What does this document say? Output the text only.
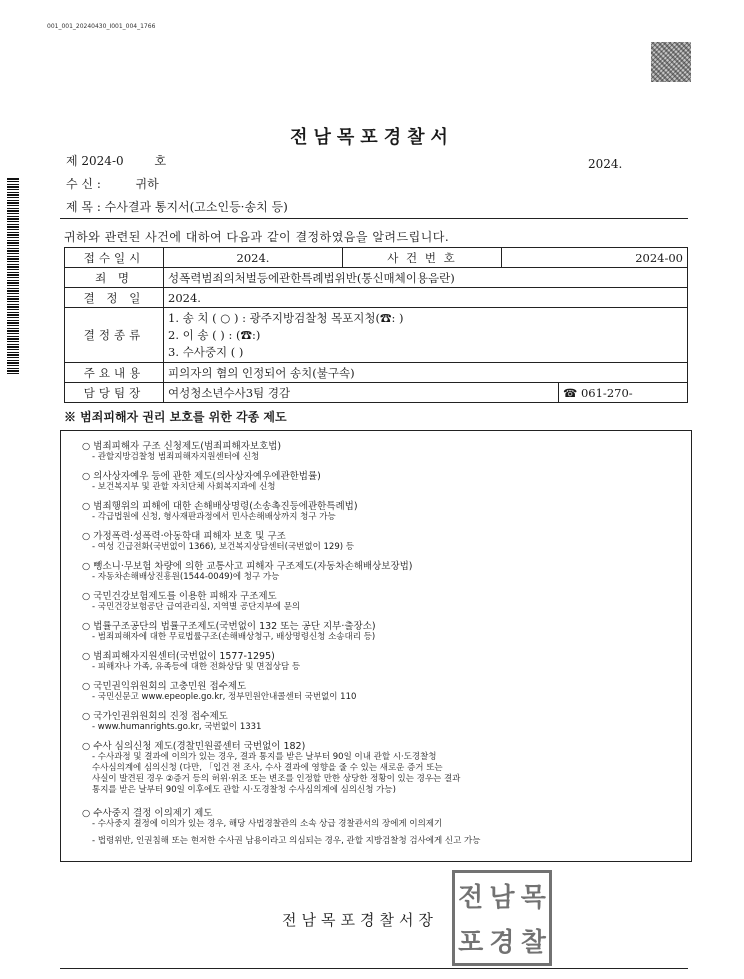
001_001_20240430_I001_004_1766
전남목포경찰서
제 2024-0ᅠ ᅠ 호	2024.
수 신 : ᅠ ᅠ 귀하
제 목 : 수사결과 통지서(고소인등·송치 등)
귀하와 관련된 사건에 대하여 다음과 같이 결정하였음을 알려드립니다.
접수일시	2024.	사 건 번 호	2024-00	
죄 명	성폭력범죄의처벌등에관한특례법위반(통신매체이용음란)			
결 정 일	2024.			
결정종류	1. 송 치 ( ○ ) : 광주지방검찰청 목포지청(☎: )
2. 이 송 ( ) : (☎:)
3. 수사중지 ( )			

주요내용	피의자의 혐의 인정되어 송치(불구속)			
담당팀장	여성청소년수사3팀 경감			☎ 061-270-
※ 범죄피해자 권리 보호를 위한 각종 제도
○ 범죄피해자 구조 신청제도(범죄피해자보호법)
- 관할지방검찰청 범죄피해자지원센터에 신청
○ 의사상자예우 등에 관한 제도(의사상자예우에관한법률)
- 보건복지부 및 관할 자치단체 사회복지과에 신청
○ 범죄행위의 피해에 대한 손해배상명령(소송촉진등에관한특례법)
- 각급법원에 신청, 형사재판과정에서 민사손해배상까지 청구 가능
○ 가정폭력·성폭력·아동학대 피해자 보호 및 구조
- 여성 긴급전화(국번없이 1366), 보건복지상담센터(국번없이 129) 등
○ 뺑소니·무보험 차량에 의한 교통사고 피해자 구조제도(자동차손해배상보장법)
- 자동차손해배상진흥원(1544-0049)에 청구 가능
○ 국민건강보험제도를 이용한 피해자 구조제도
- 국민건강보험공단 급여관리실, 지역별 공단지부에 문의
○ 법률구조공단의 법률구조제도(국번없이 132 또는 공단 지부·출장소)
- 범죄피해자에 대한 무료법률구조(손해배상청구, 배상명령신청 소송대리 등)
○ 범죄피해자지원센터(국번없이 1577-1295)
- 피해자나 가족, 유족등에 대한 전화상담 및 면접상담 등
○ 국민권익위원회의 고충민원 접수제도
- 국민신문고 www.epeople.go.kr, 정부민원안내콜센터 국번없이 110
○ 국가인권위원회의 진정 접수제도
- www.humanrights.go.kr, 국번없이 1331
○ 수사 심의신청 제도(경찰민원콜센터 국번없이 182)
- 수사과정 및 결과에 이의가 있는 경우, 결과 통지를 받은 날부터 90일 이내 관할 시·도경찰청
수사심의계에 심의신청 (다만, 「입건 전 조사, 수사 결과에 영향을 줄 수 있는 새로운 증거 또는
사실이 발견된 경우 ②증거 등의 허위·위조 또는 변조를 인정할 만한 상당한 정황이 있는 경우는 결과
통지를 받은 날부터 90일 이후에도 관할 시·도경찰청 수사심의계에 심의신청 가능)
○ 수사중지 결정 이의제기 제도
- 수사중지 결정에 이의가 있는 경우, 해당 사법경찰관의 소속 상급 경찰관서의 장에게 이의제기
- 법령위반, 인권침해 또는 현저한 수사권 남용이라고 의심되는 경우, 관할 지방검찰청 검사에게 신고 가능
전남목포경찰서장
전 남 목
포 경 찰
